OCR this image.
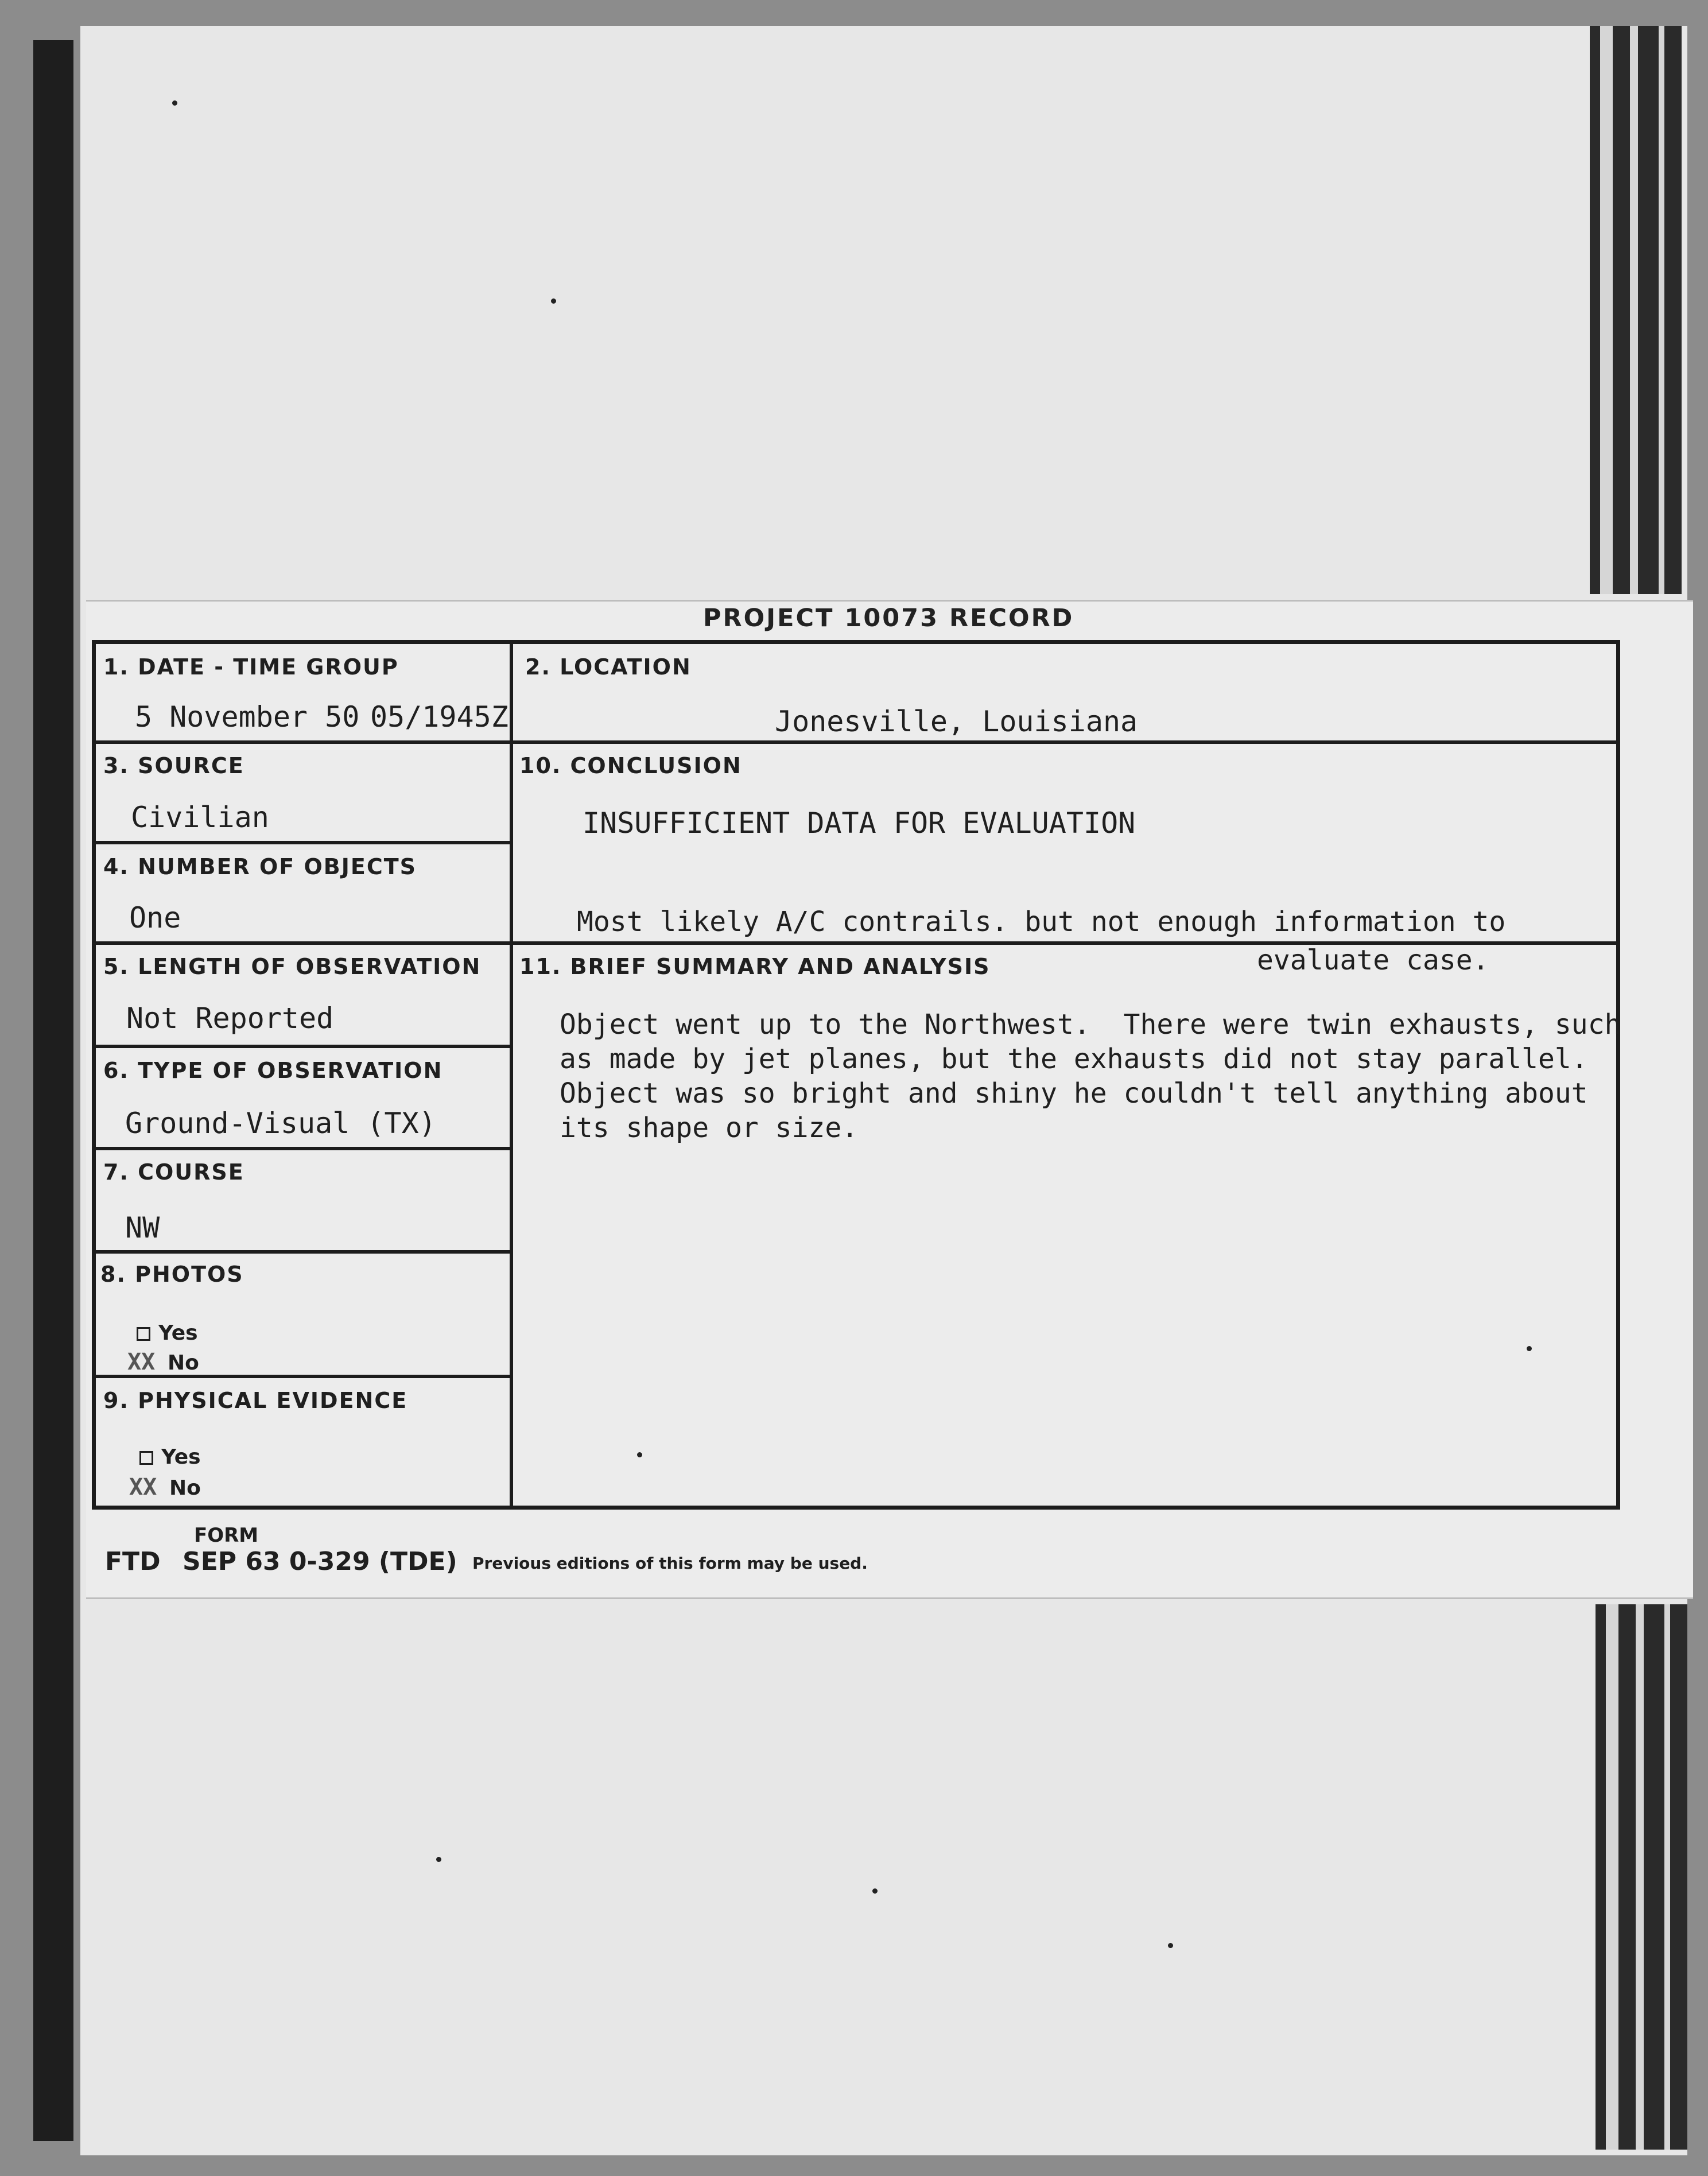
PROJECT 10073 RECORD
1. DATE - TIME GROUP
5 November 50 05/1945Z
2. LOCATION
Jonesville, Louisiana
3. SOURCE
Civilian
4. NUMBER OF OBJECTS
One
10. CONCLUSION
INSUFFICIENT DATA FOR EVALUATION
Most likely A/C contrails. but not enough information to
evaluate case.
5. LENGTH OF OBSERVATION
Not Reported
11. BRIEF SUMMARY AND ANALYSIS
Object went up to the Northwest.  There were twin exhausts, such
as made by jet planes, but the exhausts did not stay parallel.
Object was so bright and shiny he couldn't tell anything about
its shape or size.
6. TYPE OF OBSERVATION
Ground-Visual (TX)
7. COURSE
NW
8. PHOTOS
Yes
XX No
9. PHYSICAL EVIDENCE
Yes
XX No
FORM
FTD SEP 63 0-329 (TDE) Previous editions of this form may be used.
